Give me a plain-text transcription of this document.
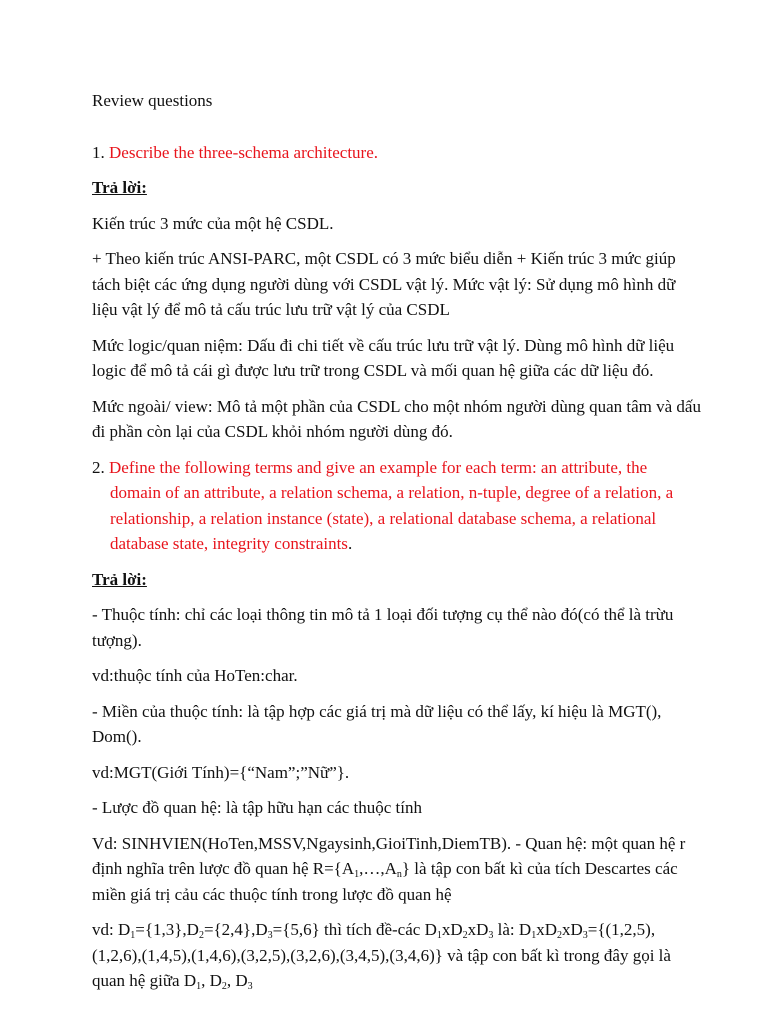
Review questions
1. Describe the three-schema architecture.
Trả lời:
Kiến trúc 3 mức của một hệ CSDL.
+ Theo kiến trúc ANSI-PARC, một CSDL có 3 mức biểu diễn + Kiến trúc 3 mức giúp tách biệt các ứng dụng người dùng với CSDL vật lý. Mức vật lý: Sử dụng mô hình dữ liệu vật lý để mô tả cấu trúc lưu trữ vật lý của CSDL
Mức logic/quan niệm: Dấu đi chi tiết về cấu trúc lưu trữ vật lý. Dùng mô hình dữ liệu logic để mô tả cái gì được lưu trữ trong CSDL và mối quan hệ giữa các dữ liệu đó.
Mức ngoài/ view: Mô tả một phần của CSDL cho một nhóm người dùng quan tâm và dấu đi phần còn lại của CSDL khỏi nhóm người dùng đó.
2. Define the following terms and give an example for each term: an attribute, the domain of an attribute, a relation schema, a relation, n-tuple, degree of a relation, a relationship, a relation instance (state), a relational database schema, a relational database state, integrity constraints.
Trả lời:
- Thuộc tính: chỉ các loại thông tin mô tả 1 loại đối tượng cụ thể nào đó(có thể là trừu tượng).
vd:thuộc tính của HoTen:char.
- Miền của thuộc tính: là tập hợp các giá trị mà dữ liệu có thể lấy, kí hiệu là MGT(), Dom().
vd:MGT(Giới Tính)={“Nam”;”Nữ”}.
- Lược đồ quan hệ: là tập hữu hạn các thuộc tính
Vd: SINHVIEN(HoTen,MSSV,Ngaysinh,GioiTinh,DiemTB). - Quan hệ: một quan hệ r định nghĩa trên lược đồ quan hệ $R=\{A_1,\dots,A_n\}$ là tập con bất kì của tích Descartes các miền giá trị cảu các thuộc tính trong lược đồ quan hệ
vd: $D_1=\{1,3\},D_2=\{2,4\},D_3=\{5,6\}$ thì tích đề-các $D_1xD_2xD_3$ là: $D_1xD_2xD_3=\{(1,2,5),(1,2,6),(1,4,5),(1,4,6),(3,2,5),(3,2,6),(3,4,5),(3,4,6)\}$ và tập con bất kì trong đây gọi là quan hệ giữa $D_1$, $D_2$, $D_3$
